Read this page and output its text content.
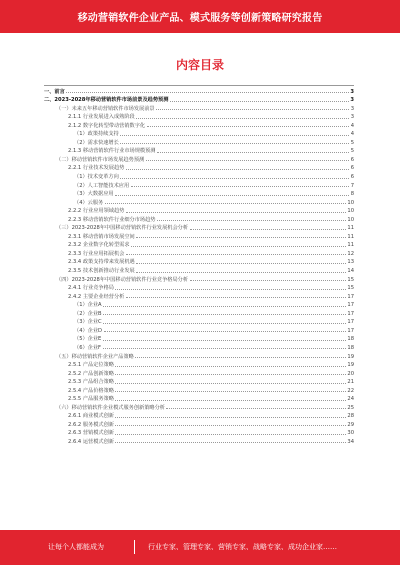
移动营销软件企业产品、模式服务等创新策略研究报告
内容目录
一、前言	3
二、2023-2028年移动营销软件市场前景及趋势预测	3
（一）未来五年移动营销软件市场发展前景	3
2.1.1 行业发展进入成熟阶段	3
2.1.2 数字化转型带动营销数字化	4
（1）政策持续支持	4
（2）需求快速增长	5
2.1.3 移动营销软件行业市场规模预测	5
（二）移动营销软件市场发展趋势预测	6
2.2.1 行业技术发展趋势	6
（1）技术变革方向	6
（2）人工智能技术应用	7
（3）大数据应用	8
（4）云服务	10
2.2.2 行业应用领域趋势	10
2.2.3 移动营销软件行业细分市场趋势	10
（三）2023-2028年中国移动营销软件行业发展机会分析	11
2.3.1 移动营销市场发展空间	11
2.3.2 企业数字化转型需求	11
2.3.3 行业应用拓展机会	12
2.3.4 政策支持带来发展机遇	13
2.3.5 技术创新推动行业发展	14
（四）2023-2028年中国移动营销软件行业竞争格局分析	15
2.4.1 行业竞争格局	15
2.4.2 主要企业经营分析	17
（1）企业A	17
（2）企业B	17
（3）企业C	17
（4）企业D	17
（5）企业E	18
（6）企业F	18
（五）移动营销软件企业产品策略	19
2.5.1 产品定位策略	19
2.5.2 产品创新策略	20
2.5.3 产品组合策略	21
2.5.4 产品价格策略	22
2.5.5 产品服务策略	24
（六）移动营销软件企业模式服务创新策略分析	25
2.6.1 商业模式创新	28
2.6.2 服务模式创新	29
2.6.3 营销模式创新	30
2.6.4 运营模式创新	34
让每个人都能成为	行业专家、管理专家、营销专家、战略专家、成功企业家……
